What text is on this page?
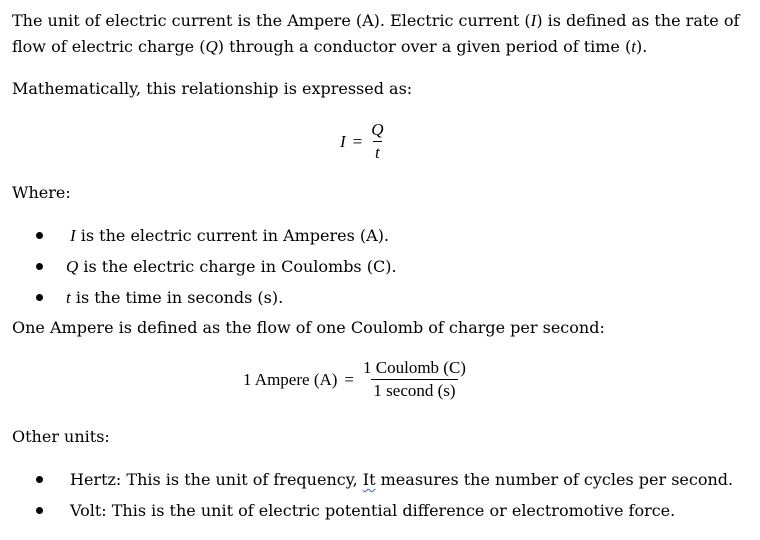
The unit of electric current is the Ampere (A). Electric current (I) is defined as the rate of

flow of electric charge (Q) through a conductor over a given period of time (t).

Mathematically, this relationship is expressed as:

$I = \frac{Q}{t}$

Where:

I is the electric current in Amperes (A).
Q is the electric charge in Coulombs (C).
t is the time in seconds (s).

One Ampere is defined as the flow of one Coulomb of charge per second:

1 Ampere $(A) = \frac{\text{1 Coulomb (C)}}{\text{1 second (s)}}$

Other units:

Hertz: This is the unit of frequency, It measures the number of cycles per second.
Volt: This is the unit of electric potential difference or electromotive force.
